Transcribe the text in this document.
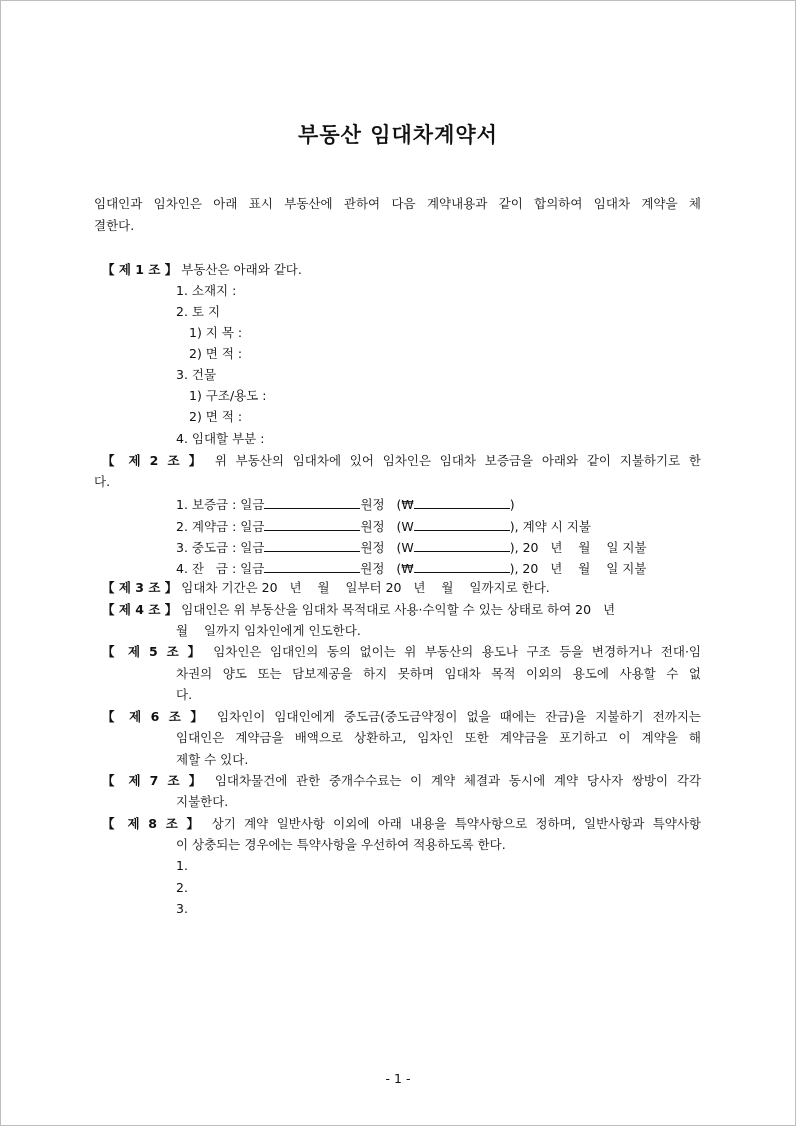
부동산 임대차계약서
임대인과 임차인은 아래 표시 부동산에 관하여 다음 계약내용과 같이 합의하여 임대차 계약을 체
결한다.
【 제 1 조 】 부동산은 아래와 같다.
1. 소재지 :
2. 토 지
1) 지 목 :
2) 면 적 :
3. 건물
1) 구조/용도 :
2) 면 적 :
4. 임대할 부분 :
【 제 2 조 】 위 부동산의 임대차에 있어 임차인은 임대차 보증금을 아래와 같이 지불하기로 한
다.
1. 보증금 : 일금	원정 (₩	)
2. 계약금 : 일금	원정 (W	), 계약 시 지불
3. 중도금 : 일금	원정 (W	), 20   년    월    일 지불
4. 잔   금 : 일금	원정 (₩	), 20   년    월    일 지불
【 제 3 조 】 임대차 기간은 20   년    월    일부터 20   년    월    일까지로 한다.
【 제 4 조 】 임대인은 위 부동산을 임대차 목적대로 사용·수익할 수 있는 상태로 하여 20   년
월    일까지 임차인에게 인도한다.
【 제 5 조 】 임차인은 임대인의 동의 없이는 위 부동산의 용도나 구조 등을 변경하거나 전대·임
차권의 양도 또는 담보제공을 하지 못하며 임대차 목적 이외의 용도에 사용할 수 없
다.
【 제 6 조 】 임차인이 임대인에게 중도금(중도금약정이 없을 때에는 잔금)을 지불하기 전까지는
임대인은 계약금을 배액으로 상환하고, 임차인 또한 계약금을 포기하고 이 계약을 해
제할 수 있다.
【 제 7 조 】 임대차물건에 관한 중개수수료는 이 계약 체결과 동시에 계약 당사자 쌍방이 각각
지불한다.
【 제 8 조 】 상기 계약 일반사항 이외에 아래 내용을 특약사항으로 정하며, 일반사항과 특약사항
이 상충되는 경우에는 특약사항을 우선하여 적용하도록 한다.
1.
2.
3.
- 1 -
